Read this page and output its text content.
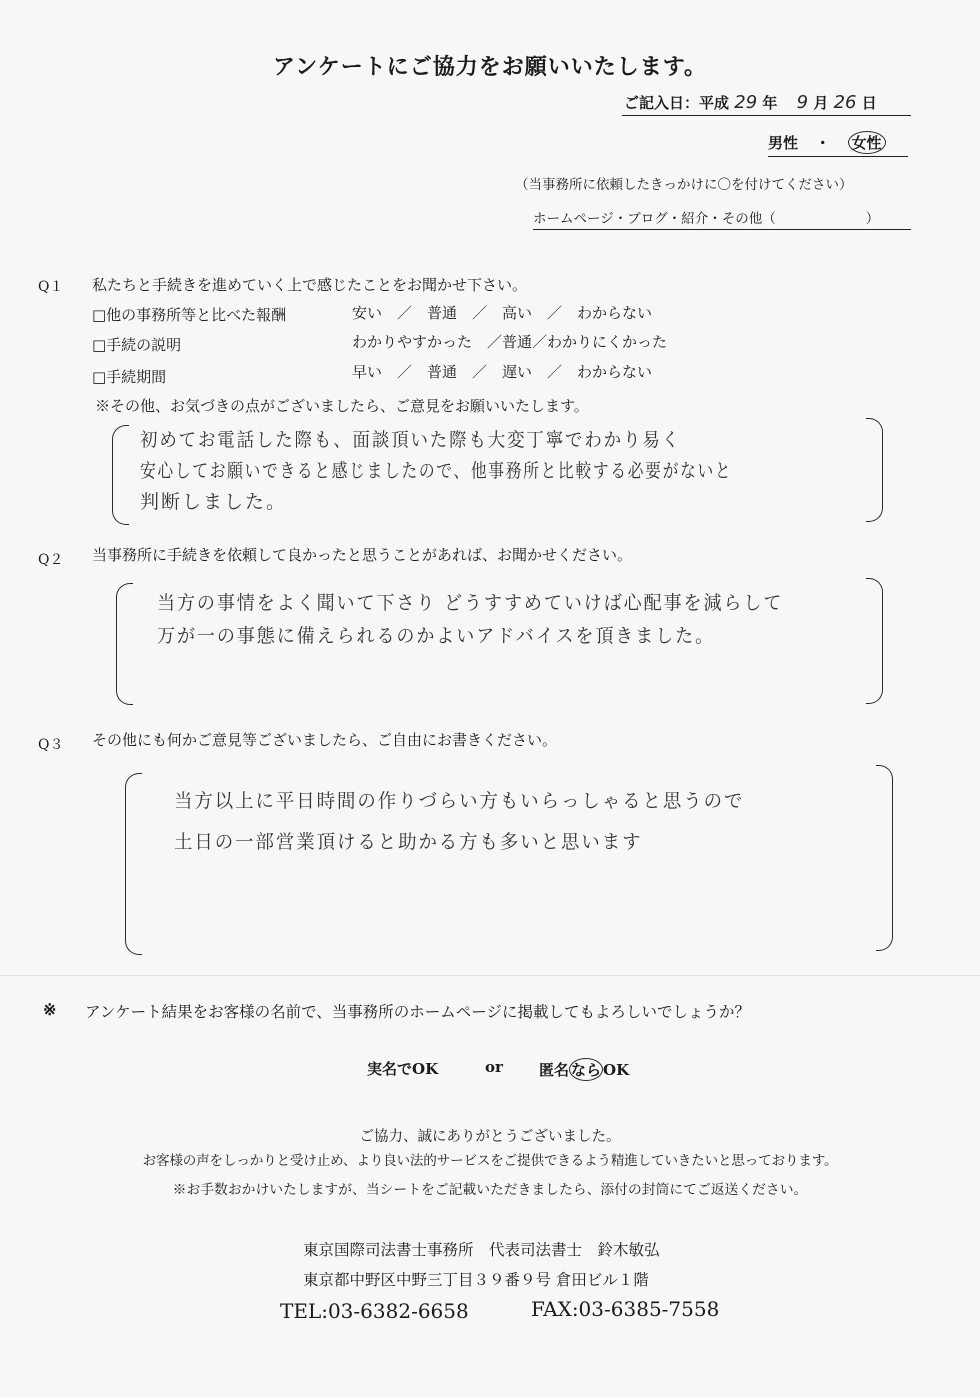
アンケートにご協力をお願いいたします。
ご記入日：平成 29 年 9 月 26 日
男性 ・ 女性
（当事務所に依頼したきっかけに〇を付けてください）
ホームページ・ブログ・紹介・その他（	）
Q１ 私たちと手続きを進めていく上で感じたことをお聞かせ下さい。
□他の事務所等と比べた報酬	安い　／　普通　／　高い　／　わからない
□手続の説明	わかりやすかった　／普通／わかりにくかった
□手続期間	早い　／　普通　／　遅い　／　わからない
※その他、お気づきの点がございましたら、ご意見をお願いいたします。
初めてお電話した際も、面談頂いた際も大変丁寧でわかり易く
安心してお願いできると感じましたので、他事務所と比較する必要がないと
判断しました。
Q２ 当事務所に手続きを依頼して良かったと思うことがあれば、お聞かせください。
当方の事情をよく聞いて下さり どうすすめていけば心配事を減らして
万が一の事態に備えられるのかよいアドバイスを頂きました。
Q３ その他にも何かご意見等ございましたら、ご自由にお書きください。
当方以上に平日時間の作りづらい方もいらっしゃると思うので
土日の一部営業頂けると助かる方も多いと思います
※ アンケート結果をお客様の名前で、当事務所のホームページに掲載してもよろしいでしょうか？
実名でOK	or 匿名 なら OK
ご協力、誠にありがとうございました。
お客様の声をしっかりと受け止め、より良い法的サービスをご提供できるよう精進していきたいと思っております。
※お手数おかけいたしますが、当シートをご記載いただきましたら、添付の封筒にてご返送ください。
東京国際司法書士事務所　代表司法書士　鈴木敏弘
東京都中野区中野三丁目３９番９号 倉田ビル１階
TEL:03-6382-6658	FAX:03-6385-7558
